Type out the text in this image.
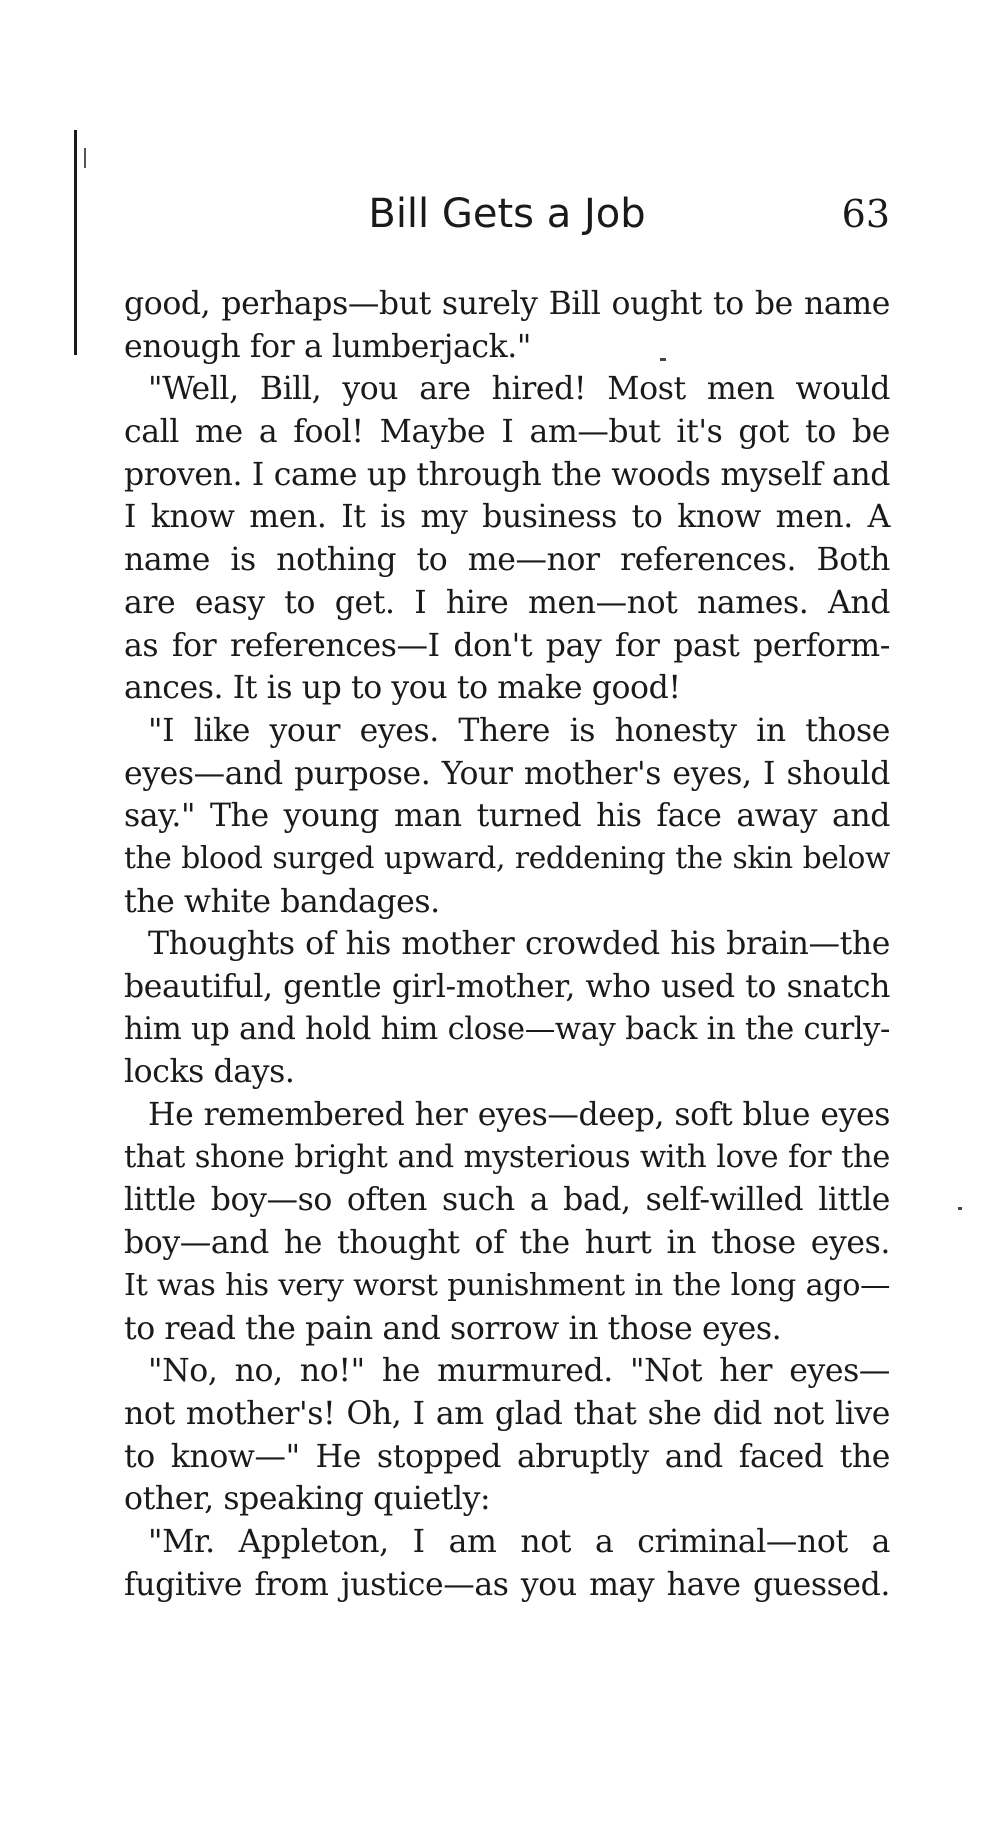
Bill Gets a Job	63
good, perhaps—but surely Bill ought to be name
enough for a lumberjack."
"Well, Bill, you are hired! Most men would
call me a fool! Maybe I am—but it's got to be
proven. I came up through the woods myself and
I know men. It is my business to know men. A
name is nothing to me—nor references. Both
are easy to get. I hire men—not names. And
as for references—I don't pay for past perform-
ances. It is up to you to make good!
"I like your eyes. There is honesty in those
eyes—and purpose. Your mother's eyes, I should
say." The young man turned his face away and
the blood surged upward, reddening the skin below
the white bandages.
Thoughts of his mother crowded his brain—the
beautiful, gentle girl-mother, who used to snatch
him up and hold him close—way back in the curly-
locks days.
He remembered her eyes—deep, soft blue eyes
that shone bright and mysterious with love for the
little boy—so often such a bad, self-willed little
boy—and he thought of the hurt in those eyes.
It was his very worst punishment in the long ago—
to read the pain and sorrow in those eyes.
"No, no, no!" he murmured. "Not her eyes—
not mother's! Oh, I am glad that she did not live
to know—" He stopped abruptly and faced the
other, speaking quietly:
"Mr. Appleton, I am not a criminal—not a
fugitive from justice—as you may have guessed.
